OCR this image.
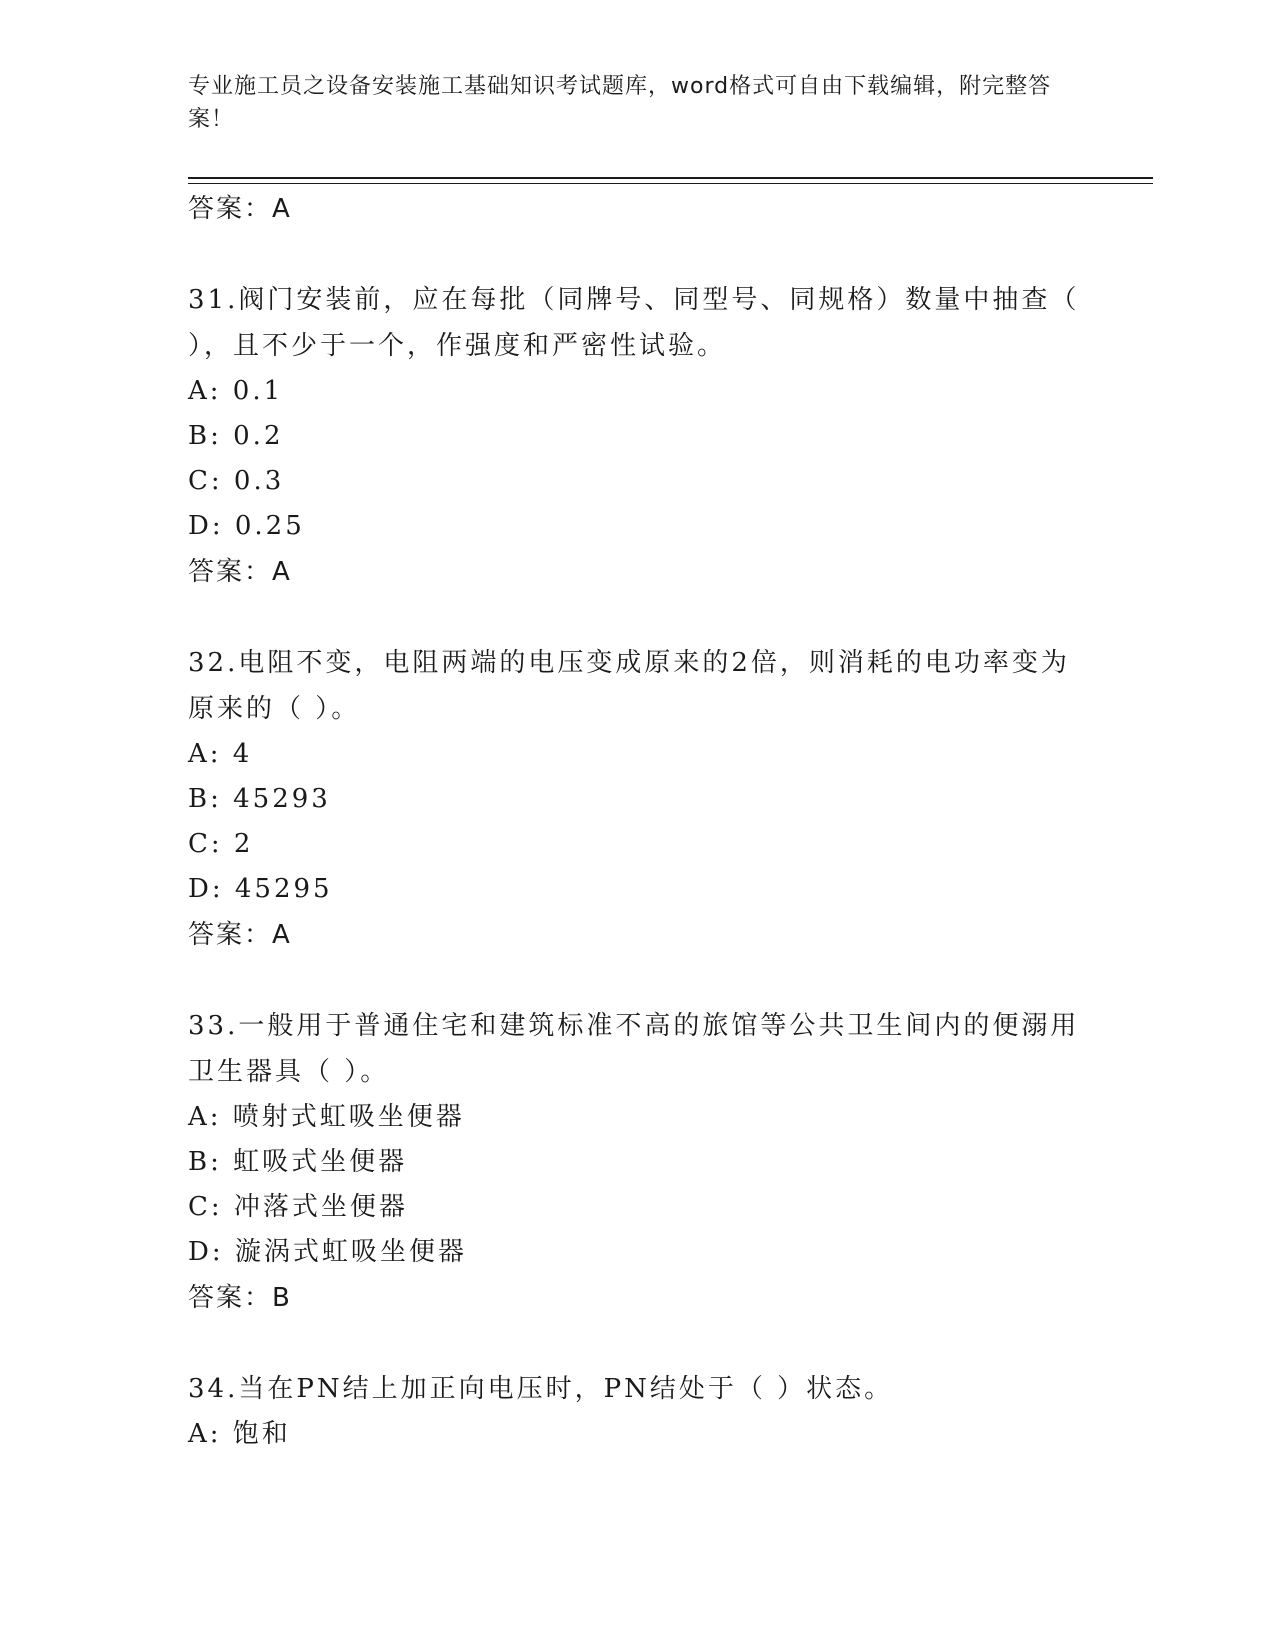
专业施工员之设备安装施工基础知识考试题库，word格式可自由下载编辑，附完整答案！
答案：A
31.阀门安装前，应在每批（同牌号、同型号、同规格）数量中抽查（
），且不少于一个，作强度和严密性试验。
A: 0.1
B: 0.2
C: 0.3
D: 0.25
答案：A
32.电阻不变，电阻两端的电压变成原来的2倍，则消耗的电功率变为
原来的（ ）。
A: 4
B: 45293
C: 2
D: 45295
答案：A
33.一般用于普通住宅和建筑标准不高的旅馆等公共卫生间内的便溺用
卫生器具（ ）。
A: 喷射式虹吸坐便器
B: 虹吸式坐便器
C: 冲落式坐便器
D: 漩涡式虹吸坐便器
答案：B
34.当在PN结上加正向电压时，PN结处于（ ）状态。
A: 饱和
